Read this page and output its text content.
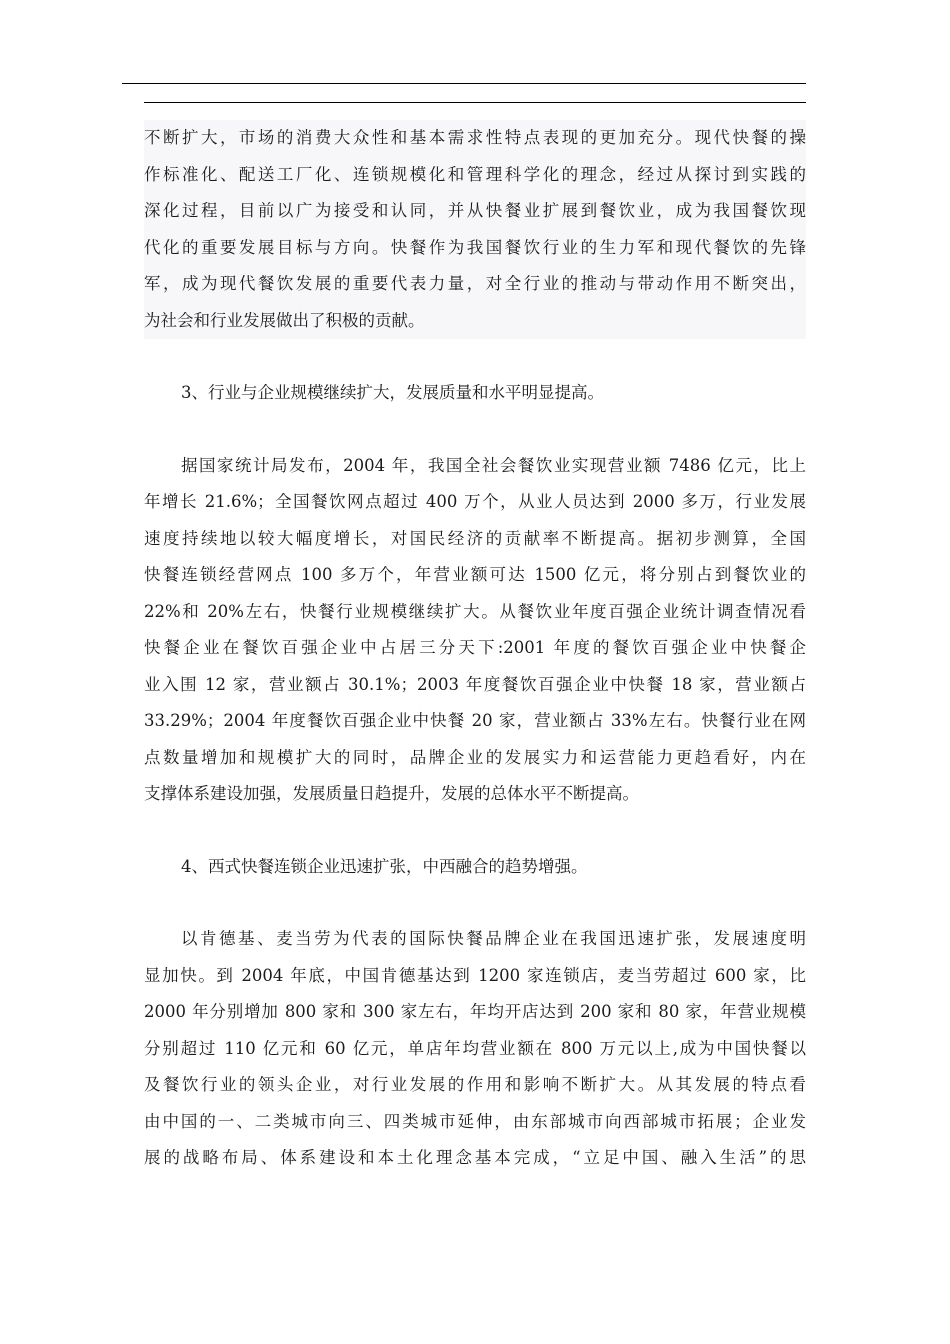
不断扩大，市场的消费大众性和基本需求性特点表现的更加充分。现代快餐的操
作标准化、配送工厂化、连锁规模化和管理科学化的理念，经过从探讨到实践的
深化过程，目前以广为接受和认同，并从快餐业扩展到餐饮业，成为我国餐饮现
代化的重要发展目标与方向。快餐作为我国餐饮行业的生力军和现代餐饮的先锋
军，成为现代餐饮发展的重要代表力量，对全行业的推动与带动作用不断突出，
为社会和行业发展做出了积极的贡献。

3、行业与企业规模继续扩大，发展质量和水平明显提高。

据国家统计局发布，2004 年，我国全社会餐饮业实现营业额 7486 亿元，比上
年增长 21.6%；全国餐饮网点超过 400 万个，从业人员达到 2000 多万，行业发展
速度持续地以较大幅度增长，对国民经济的贡献率不断提高。据初步测算，全国
快餐连锁经营网点 100 多万个，年营业额可达 1500 亿元，将分别占到餐饮业的
22%和 20%左右，快餐行业规模继续扩大。从餐饮业年度百强企业统计调查情况看
快餐企业在餐饮百强企业中占居三分天下:2001 年度的餐饮百强企业中快餐企
业入围 12 家，营业额占 30.1%；2003 年度餐饮百强企业中快餐 18 家，营业额占
33.29%；2004 年度餐饮百强企业中快餐 20 家，营业额占 33%左右。快餐行业在网
点数量增加和规模扩大的同时，品牌企业的发展实力和运营能力更趋看好，内在
支撑体系建设加强，发展质量日趋提升，发展的总体水平不断提高。

4、西式快餐连锁企业迅速扩张，中西融合的趋势增强。

以肯德基、麦当劳为代表的国际快餐品牌企业在我国迅速扩张，发展速度明
显加快。到 2004 年底，中国肯德基达到 1200 家连锁店，麦当劳超过 600 家，比
2000 年分别增加 800 家和 300 家左右，年均开店达到 200 家和 80 家，年营业规模
分别超过 110 亿元和 60 亿元，单店年均营业额在 800 万元以上,成为中国快餐以
及餐饮行业的领头企业，对行业发展的作用和影响不断扩大。从其发展的特点看
由中国的一、二类城市向三、四类城市延伸，由东部城市向西部城市拓展；企业发
展的战略布局、体系建设和本土化理念基本完成，“立足中国、融入生活”的思
